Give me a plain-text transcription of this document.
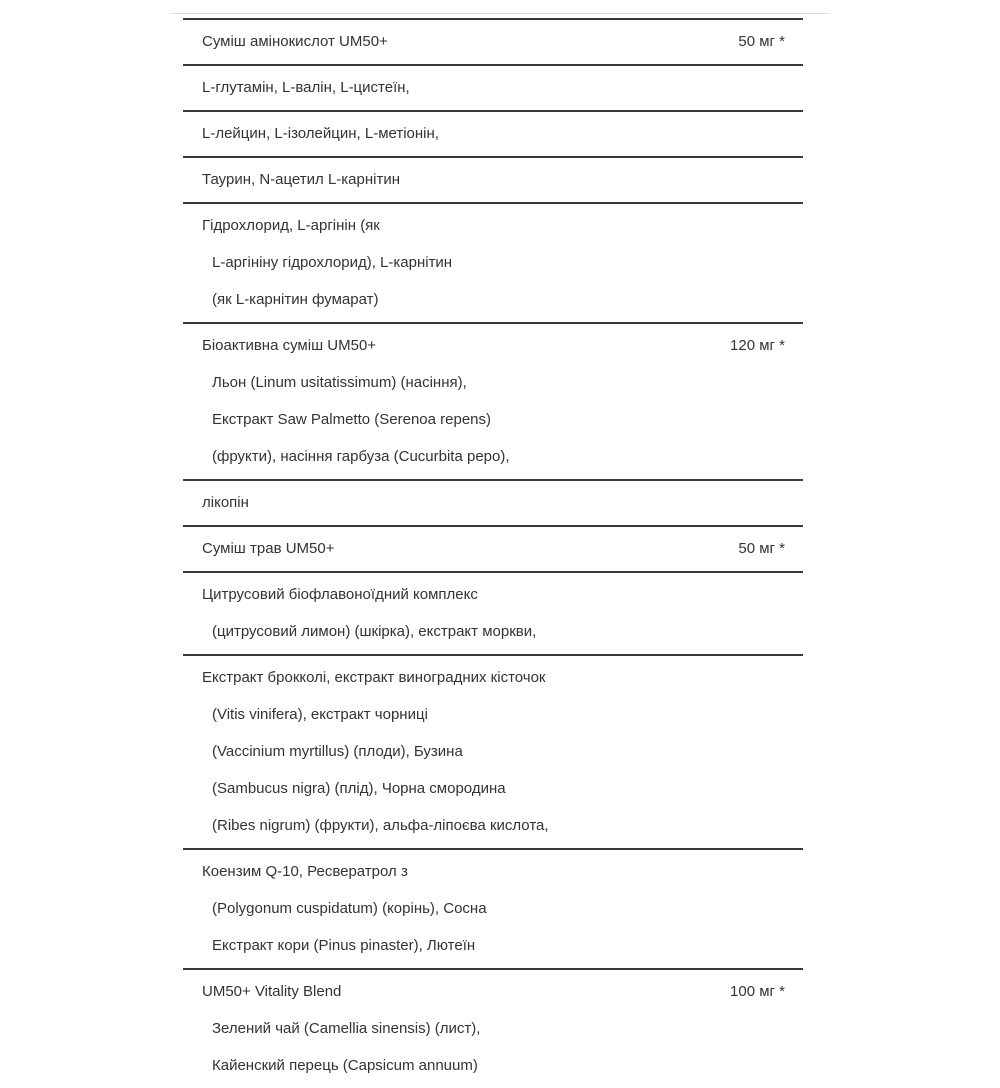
Суміш амінокислот UM50+	50 мг *
L-глутамін, L-валін, L-цистеїн,
L-лейцин, L-ізолейцин, L-метіонін,
Таурин, N-ацетил L-карнітин
Гідрохлорид, L-аргінін (як
L-аргініну гідрохлорид), L-карнітин
(як L-карнітин фумарат)
Біоактивна суміш UM50+	120 мг *
Льон (Linum usitatissimum) (насіння),
Екстракт Saw Palmetto (Serenoa repens)
(фрукти), насіння гарбуза (Cucurbita pepo),
лікопін
Суміш трав UM50+	50 мг *
Цитрусовий біофлавоноїдний комплекс
(цитрусовий лимон) (шкірка), екстракт моркви,
Екстракт брокколі, екстракт виноградних кісточок
(Vitis vinifera), екстракт чорниці
(Vaccinium myrtillus) (плоди), Бузина
(Sambucus nigra) (плід), Чорна смородина
(Ribes nigrum) (фрукти), альфа-ліпоєва кислота,
Коензим Q-10, Ресвератрол з
(Polygonum cuspidatum) (корінь), Сосна
Екстракт кори (Pinus pinaster), Лютеїн
UM50+ Vitality Blend	100 мг *
Зелений чай (Camellia sinensis) (лист),
Кайенский перець (Capsicum annuum)
